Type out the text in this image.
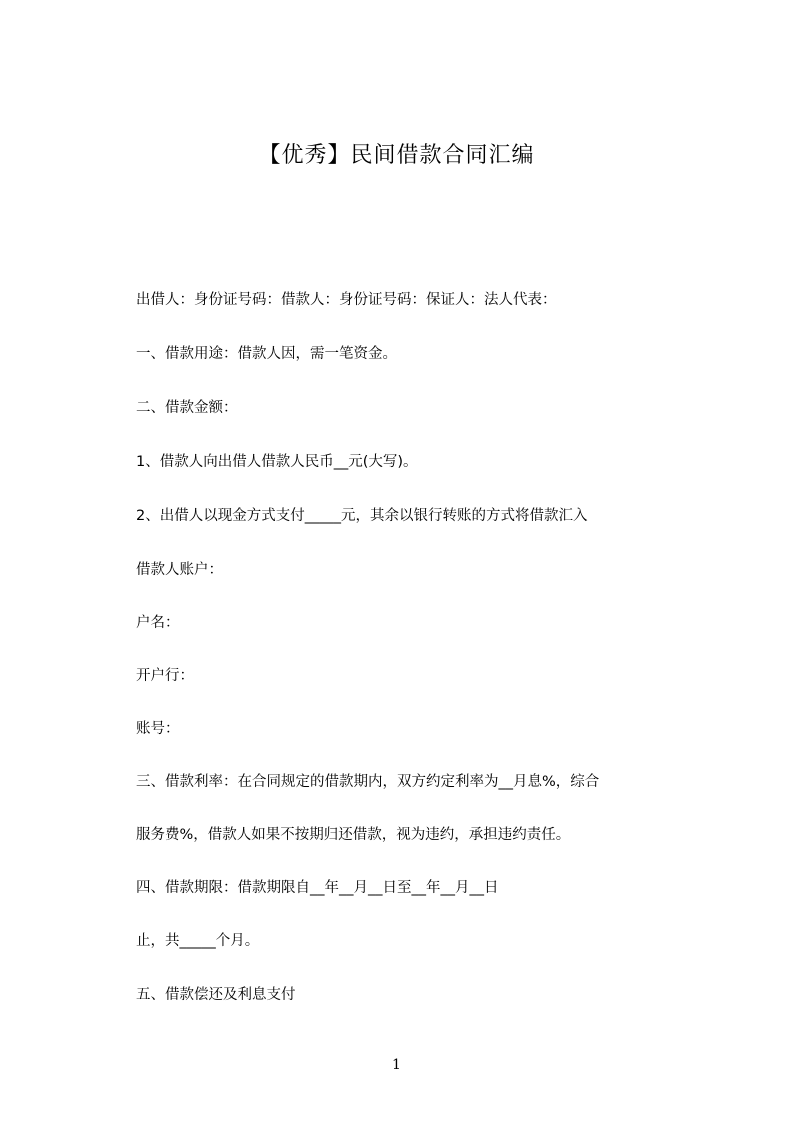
【优秀】民间借款合同汇编
出借人：身份证号码：借款人：身份证号码：保证人：法人代表：
一、借款用途：借款人因，需一笔资金。
二、借款金额：
1、借款人向出借人借款人民币__元(大写)。
2、出借人以现金方式支付_____元，其余以银行转账的方式将借款汇入
借款人账户：
户名：
开户行：
账号：
三、借款利率：在合同规定的借款期内，双方约定利率为__月息%，综合
服务费%，借款人如果不按期归还借款，视为违约，承担违约责任。
四、借款期限：借款期限自__年__月__日至__年__月__日
止，共_____个月。
五、借款偿还及利息支付
1
